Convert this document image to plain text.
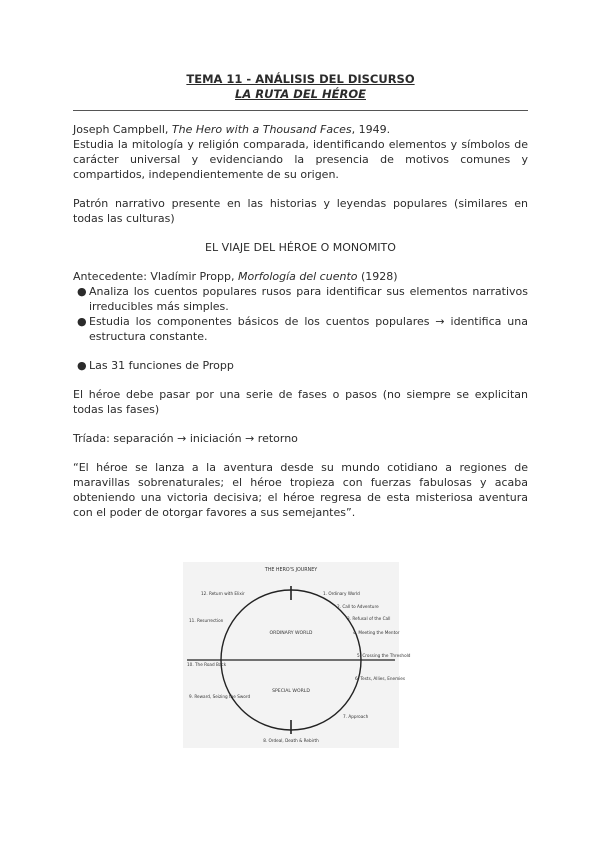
TEMA 11 - ANÁLISIS DEL DISCURSO
LA RUTA DEL HÉROE

Joseph Campbell, The Hero with a Thousand Faces, 1949.

Estudia la mitología y religión comparada, identificando elementos y símbolos de carácter universal y evidenciando la presencia de motivos comunes y compartidos, independientemente de su origen.

Patrón narrativo presente en las historias y leyendas populares (similares en todas las culturas)

EL VIAJE DEL HÉROE O MONOMITO

Antecedente: Vladímir Propp, Morfología del cuento (1928)

● Analiza los cuentos populares rusos para identificar sus elementos narrativos irreducibles más simples.
● Estudia los componentes básicos de los cuentos populares → identifica una estructura constante.
● Las 31 funciones de Propp

El héroe debe pasar por una serie de fases o pasos (no siempre se explicitan todas las fases)

Tríada: separación → iniciación → retorno

“El héroe se lanza a la aventura desde su mundo cotidiano a regiones de maravillas sobrenaturales; el héroe tropieza con fuerzas fabulosas y acaba obteniendo una victoria decisiva; el héroe regresa de esta misteriosa aventura con el poder de otorgar favores a sus semejantes”.

THE HERO'S JOURNEY
ORDINARY WORLD
SPECIAL WORLD
1. Ordinary World
2. Call to Adventure
3. Refusal of the Call
4. Meeting the Mentor
5. Crossing the Threshold
6. Tests, Allies, Enemies
7. Approach
8. Ordeal, Death & Rebirth
9. Reward, Seizing the Sword
10. The Road Back
11. Resurrection
12. Return with Elixir
